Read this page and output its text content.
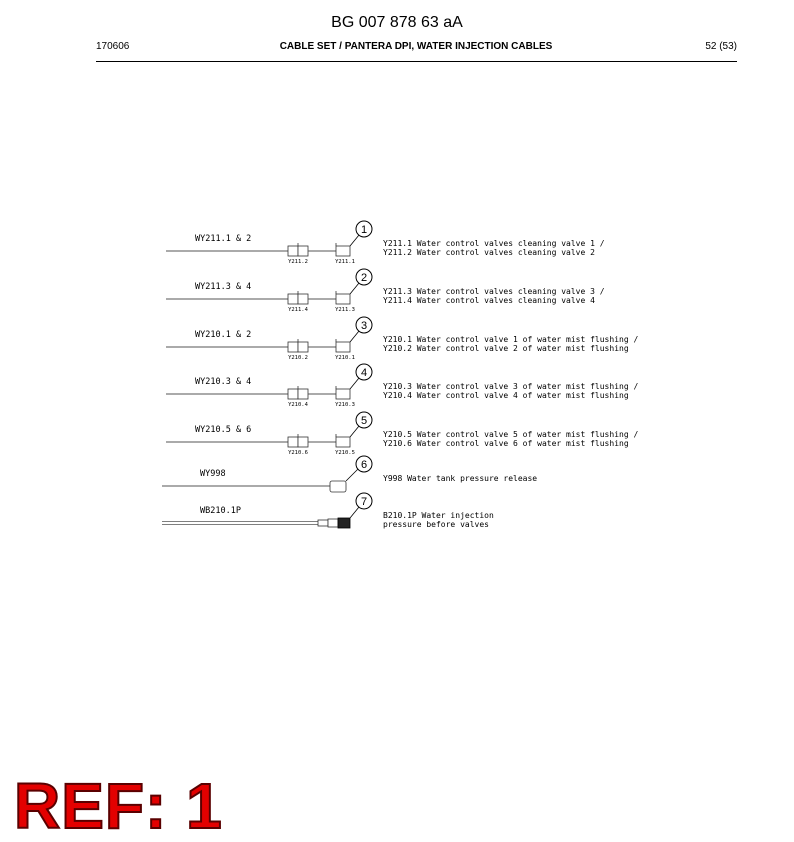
BG 007 878 63 aA
170606	CABLE SET / PANTERA DPI, WATER INJECTION CABLES	52 (53)
1
WY211.1 & 2	Y211.1 Water control valves cleaning valve 1 /
Y211.2 Water control valves cleaning valve 2
Y211.2	Y211.1
2
WY211.3 & 4	Y211.3 Water control valves cleaning valve 3 /
Y211.4 Water control valves cleaning valve 4
Y211.4	Y211.3
3
WY210.1 & 2	Y210.1 Water control valve 1 of water mist flushing /
Y210.2 Water control valve 2 of water mist flushing
Y210.2	Y210.1
4
WY210.3 & 4	Y210.3 Water control valve 3 of water mist flushing /
Y210.4 Water control valve 4 of water mist flushing
Y210.4	Y210.3
5
WY210.5 & 6	Y210.5 Water control valve 5 of water mist flushing /
Y210.6 Water control valve 6 of water mist flushing
Y210.6	Y210.5
6
WY998	Y998 Water tank pressure release
7
WB210.1P	B210.1P Water injection
pressure before valves
REF: 1
